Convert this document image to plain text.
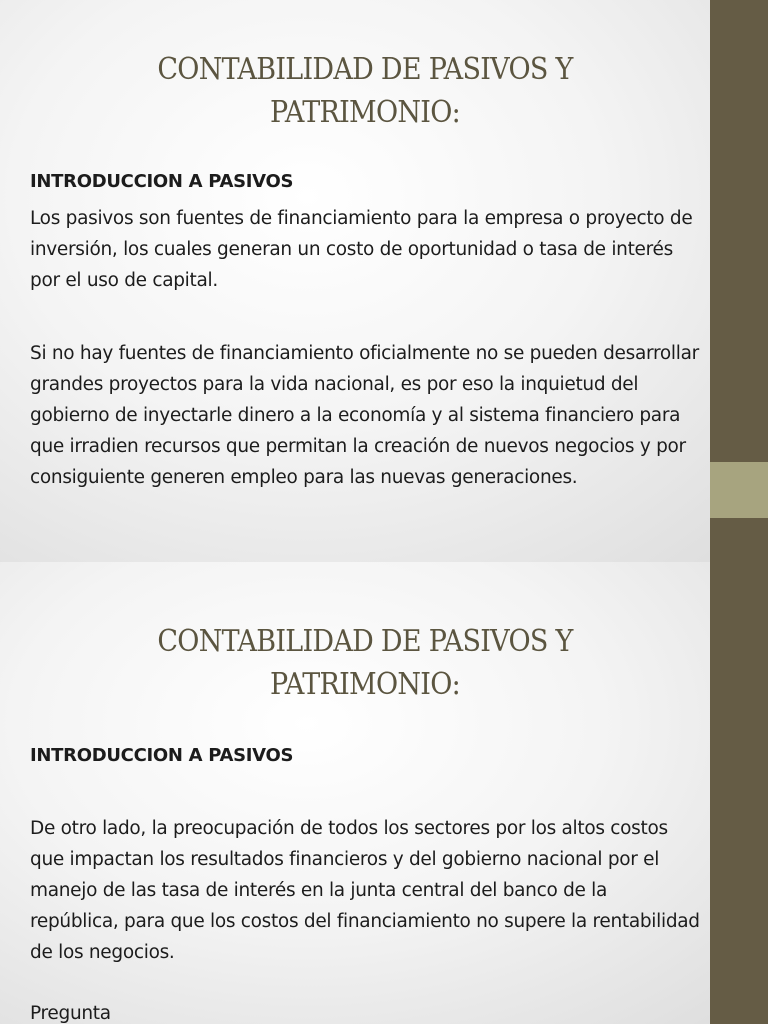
CONTABILIDAD DE PASIVOS Y PATRIMONIO:
INTRODUCCION A PASIVOS
Los pasivos son fuentes de financiamiento para la empresa o proyecto de inversión, los cuales generan un costo de oportunidad o tasa de interés por el uso de capital.
Si no hay fuentes de financiamiento oficialmente no se pueden desarrollar grandes proyectos para la vida nacional, es por eso la inquietud del gobierno de inyectarle dinero a la economía y al sistema financiero para que irradien recursos que permitan la creación de nuevos negocios y por consiguiente generen empleo para las nuevas generaciones.
CONTABILIDAD DE PASIVOS Y PATRIMONIO:
INTRODUCCION A PASIVOS
De otro lado, la preocupación de todos los sectores por los altos costos que impactan los resultados financieros y del gobierno nacional por el manejo de las tasa de interés en la junta central del banco de la república, para que los costos del financiamiento no supere la rentabilidad de los negocios.
Pregunta
